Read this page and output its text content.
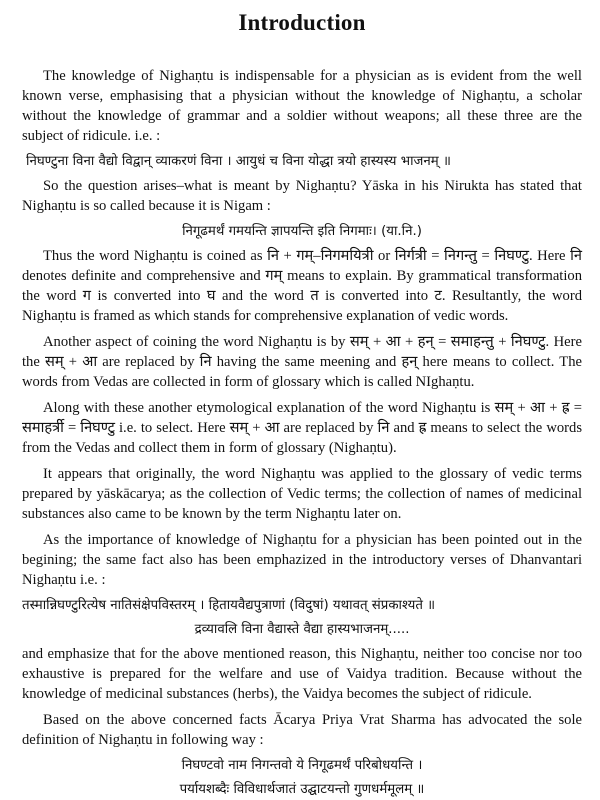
Introduction

The knowledge of Nighaṇtu is indispensable for a physician as is evident from the well known verse, emphasising that a physician without the knowledge of Nighaṇtu, a scholar without the knowledge of grammar and a soldier without weapons; all these three are the subject of ridicule. i.e. :

निघण्टुना विना वैद्यो विद्वान् व्याकरणं विना । आयुधं च विना योद्धा त्रयो हास्यस्य भाजनम् ॥

So the question arises–what is meant by Nighaṇtu? Yāska in his Nirukta has stated that Nighaṇtu is so called because it is Nigam :

निगूढमर्थं गमयन्ति ज्ञापयन्ति इति निगमाः। (या.नि.)

Thus the word Nighaṇtu is coined as नि + गम्–निगमयित्री or निर्गत्री = निगन्तु = निघण्टु. Here नि denotes definite and comprehensive and गम् means to explain. By grammatical transformation the word ग is converted into घ and the word त is converted into ट. Resultantly, the word Nighaṇtu is framed as which stands for comprehensive explanation of vedic words.

Another aspect of coining the word Nighaṇtu is by सम् + आ + हन् = समाहन्तु + निघण्टु. Here the सम् + आ are replaced by नि having the same meening and हन् here means to collect. The words from Vedas are collected in form of glossary which is called NIghaṇtu.

Along with these another etymological explanation of the word Nighaṇtu is सम् + आ + ह्र = समाहर्त्री = निघण्टु i.e. to select. Here सम् + आ are replaced by नि and ह्र means to select the words from the Vedas and collect them in form of glossary (Nighaṇtu).

It appears that originally, the word Nighaṇtu was applied to the glossary of vedic terms prepared by yāskācarya; as the collection of Vedic terms; the collection of names of medicinal substances also came to be known by the term Nighaṇtu later on.

As the importance of knowledge of Nighaṇtu for a physician has been pointed out in the begining; the same fact also has been emphazized in the introductory verses of Dhanvantari Nighaṇtu i.e. :

तस्मान्निघण्टुरित्येष नातिसंक्षेपविस्तरम् । हितायवैद्यपुत्राणां (विदुषां) यथावत् संप्रकाश्यते ॥

द्रव्यावलि विना वैद्यास्ते वैद्या हास्यभाजनम्.....

and emphasize that for the above mentioned reason, this Nighaṇtu, neither too concise nor too exhaustive is prepared for the welfare and use of Vaidya tradition. Because without the knowledge of medicinal substances (herbs), the Vaidya becomes the subject of ridicule.

Based on the above concerned facts Ācarya Priya Vrat Sharma has advocated the sole definition of Nighaṇtu in following way :

निघण्टवो नाम निगन्तवो ये निगूढमर्थं परिबोधयन्ति ।

पर्यायशब्दैः विविधार्थजातं उद्घाटयन्तो गुणधर्ममूलम् ॥
